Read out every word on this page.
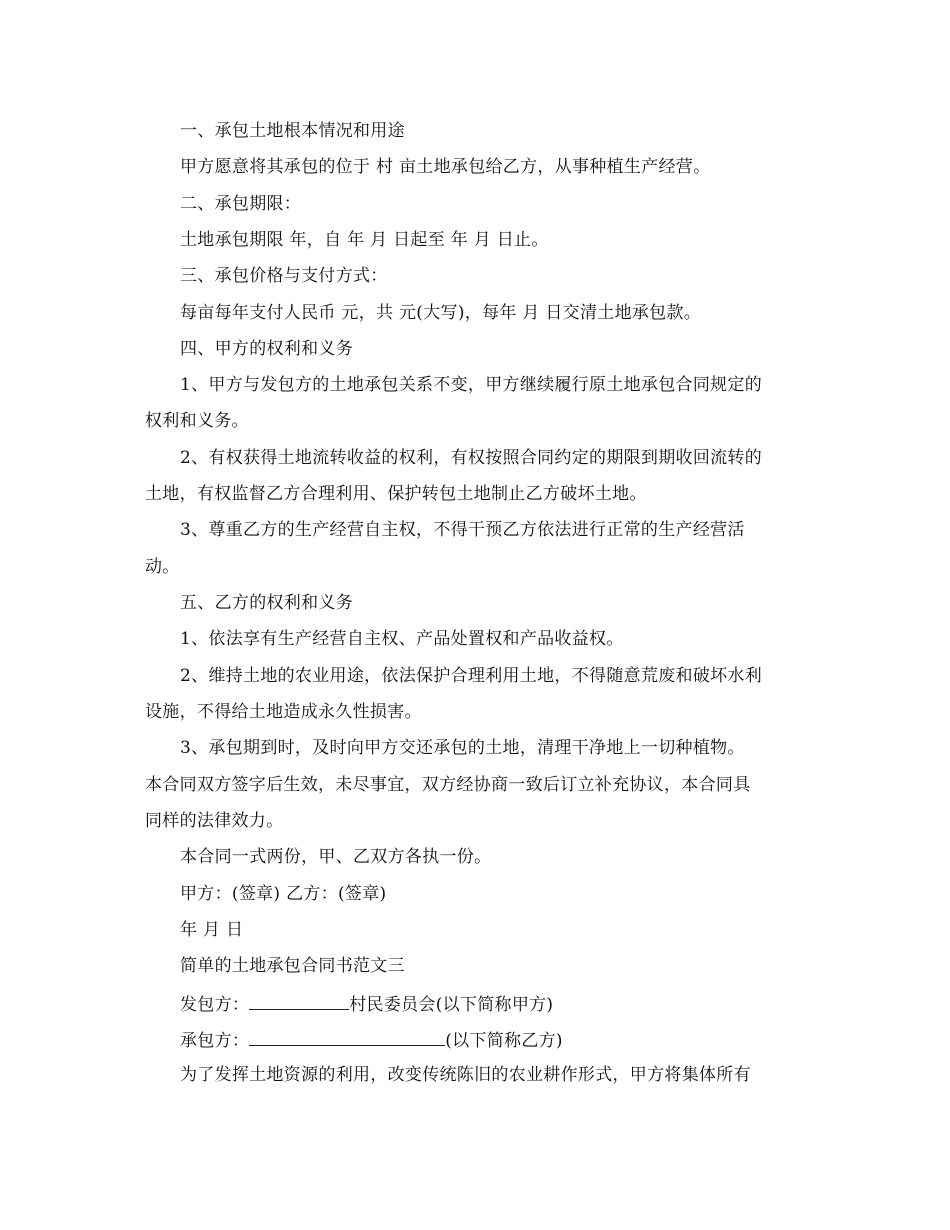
一、承包土地根本情况和用途
甲方愿意将其承包的位于 村 亩土地承包给乙方，从事种植生产经营。
二、承包期限：
土地承包期限 年，自 年 月 日起至 年 月 日止。
三、承包价格与支付方式：
每亩每年支付人民币 元，共 元(大写)，每年 月 日交清土地承包款。
四、甲方的权利和义务
1、甲方与发包方的土地承包关系不变，甲方继续履行原土地承包合同规定的
权利和义务。
2、有权获得土地流转收益的权利，有权按照合同约定的期限到期收回流转的
土地，有权监督乙方合理利用、保护转包土地制止乙方破坏土地。
3、尊重乙方的生产经营自主权，不得干预乙方依法进行正常的生产经营活
动。
五、乙方的权利和义务
1、依法享有生产经营自主权、产品处置权和产品收益权。
2、维持土地的农业用途，依法保护合理利用土地，不得随意荒废和破坏水利
设施，不得给土地造成永久性损害。
3、承包期到时，及时向甲方交还承包的土地，清理干净地上一切种植物。
本合同双方签字后生效，未尽事宜，双方经协商一致后订立补充协议，本合同具
同样的法律效力。
本合同一式两份，甲、乙双方各执一份。
甲方：(签章) 乙方：(签章)
年 月 日
简单的土地承包合同书范文三
发包方：	村民委员会(以下简称甲方)
承包方：	(以下简称乙方)
为了发挥土地资源的利用，改变传统陈旧的农业耕作形式，甲方将集体所有
